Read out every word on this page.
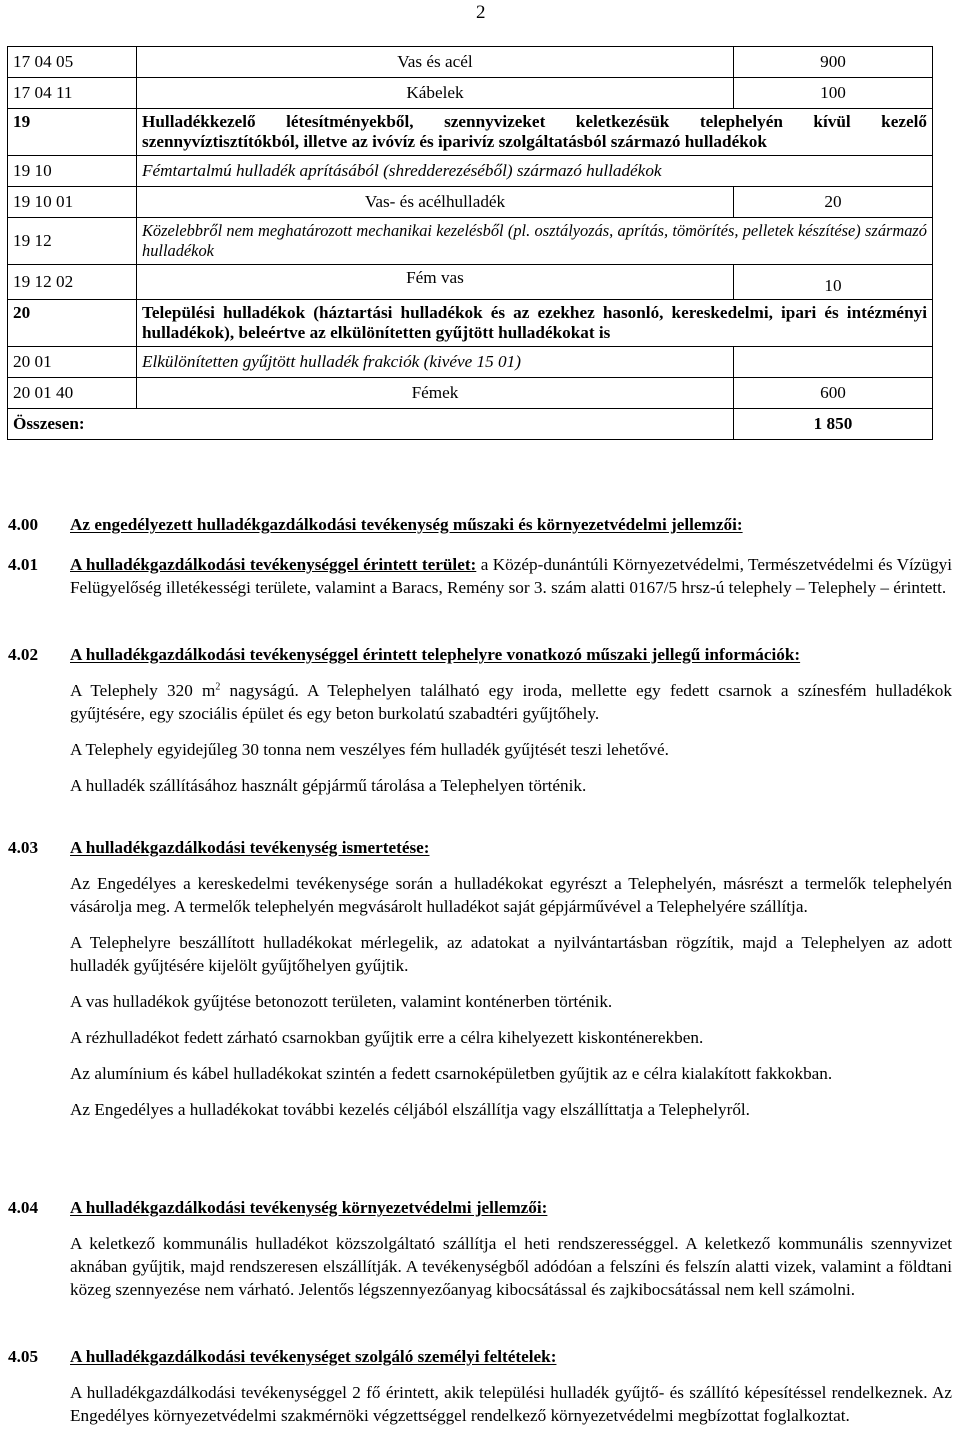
2
17 04 05	Vas és acél	900
17 04 11	Kábelek	100
19	Hulladékkezelő létesítményekből, szennyvizeket keletkezésük telephelyén kívül kezelő szennyvíztisztítókból, illetve az ivóvíz és iparivíz szolgáltatásból származó hulladékok	
19 10	Fémtartalmú hulladék aprításából (shredderezéséből) származó hulladékok	
19 10 01	Vas- és acélhulladék	20
19 12	Közelebbről nem meghatározott mechanikai kezelésből (pl. osztályozás, aprítás, tömörítés, pelletek készítése) származó hulladékok	
19 12 02	Fém vas	10
20	Települési hulladékok (háztartási hulladékok és az ezekhez hasonló, kereskedelmi, ipari és intézményi hulladékok), beleértve az elkülönítetten gyűjtött hulladékokat is	
20 01	Elkülönítetten gyűjtött hulladék frakciók (kivéve 15 01)	
20 01 40	Fémek	600
Összesen:		1 850
4.00 Az engedélyezett hulladékgazdálkodási tevékenység műszaki és környezetvédelmi jellemzői:
4.01 A hulladékgazdálkodási tevékenységgel érintett terület: a Közép-dunántúli Környezetvédelmi, Természetvédelmi és Vízügyi Felügyelőség illetékességi területe, valamint a Baracs, Remény sor 3. szám alatti 0167/5 hrsz-ú telephely – Telephely – érintett.
4.02 A hulladékgazdálkodási tevékenységgel érintett telephelyre vonatkozó műszaki jellegű információk:
A Telephely 320 $m^2$ nagyságú. A Telephelyen található egy iroda, mellette egy fedett csarnok a színesfém hulladékok gyűjtésére, egy szociális épület és egy beton burkolatú szabadtéri gyűjtőhely.
A Telephely egyidejűleg 30 tonna nem veszélyes fém hulladék gyűjtését teszi lehetővé.
A hulladék szállításához használt gépjármű tárolása a Telephelyen történik.
4.03 A hulladékgazdálkodási tevékenység ismertetése:
Az Engedélyes a kereskedelmi tevékenysége során a hulladékokat egyrészt a Telephelyén, másrészt a termelők telephelyén vásárolja meg. A termelők telephelyén megvásárolt hulladékot saját gépjárművével a Telephelyére szállítja.
A Telephelyre beszállított hulladékokat mérlegelik, az adatokat a nyilvántartásban rögzítik, majd a Telephelyen az adott hulladék gyűjtésére kijelölt gyűjtőhelyen gyűjtik.
A vas hulladékok gyűjtése betonozott területen, valamint konténerben történik.
A rézhulladékot fedett zárható csarnokban gyűjtik erre a célra kihelyezett kiskonténerekben.
Az alumínium és kábel hulladékokat szintén a fedett csarnoképületben gyűjtik az e célra kialakított fakkokban.
Az Engedélyes a hulladékokat további kezelés céljából elszállítja vagy elszállíttatja a Telephelyről.
4.04 A hulladékgazdálkodási tevékenység környezetvédelmi jellemzői:
A keletkező kommunális hulladékot közszolgáltató szállítja el heti rendszerességgel. A keletkező kommunális szennyvizet aknában gyűjtik, majd rendszeresen elszállítják. A tevékenységből adódóan a felszíni és felszín alatti vizek, valamint a földtani közeg szennyezése nem várható. Jelentős légszennyezőanyag kibocsátással és zajkibocsátással nem kell számolni.
4.05 A hulladékgazdálkodási tevékenységet szolgáló személyi feltételek:
A hulladékgazdálkodási tevékenységgel 2 fő érintett, akik települési hulladék gyűjtő- és szállító képesítéssel rendelkeznek. Az Engedélyes környezetvédelmi szakmérnöki végzettséggel rendelkező környezetvédelmi megbízottat foglalkoztat.
